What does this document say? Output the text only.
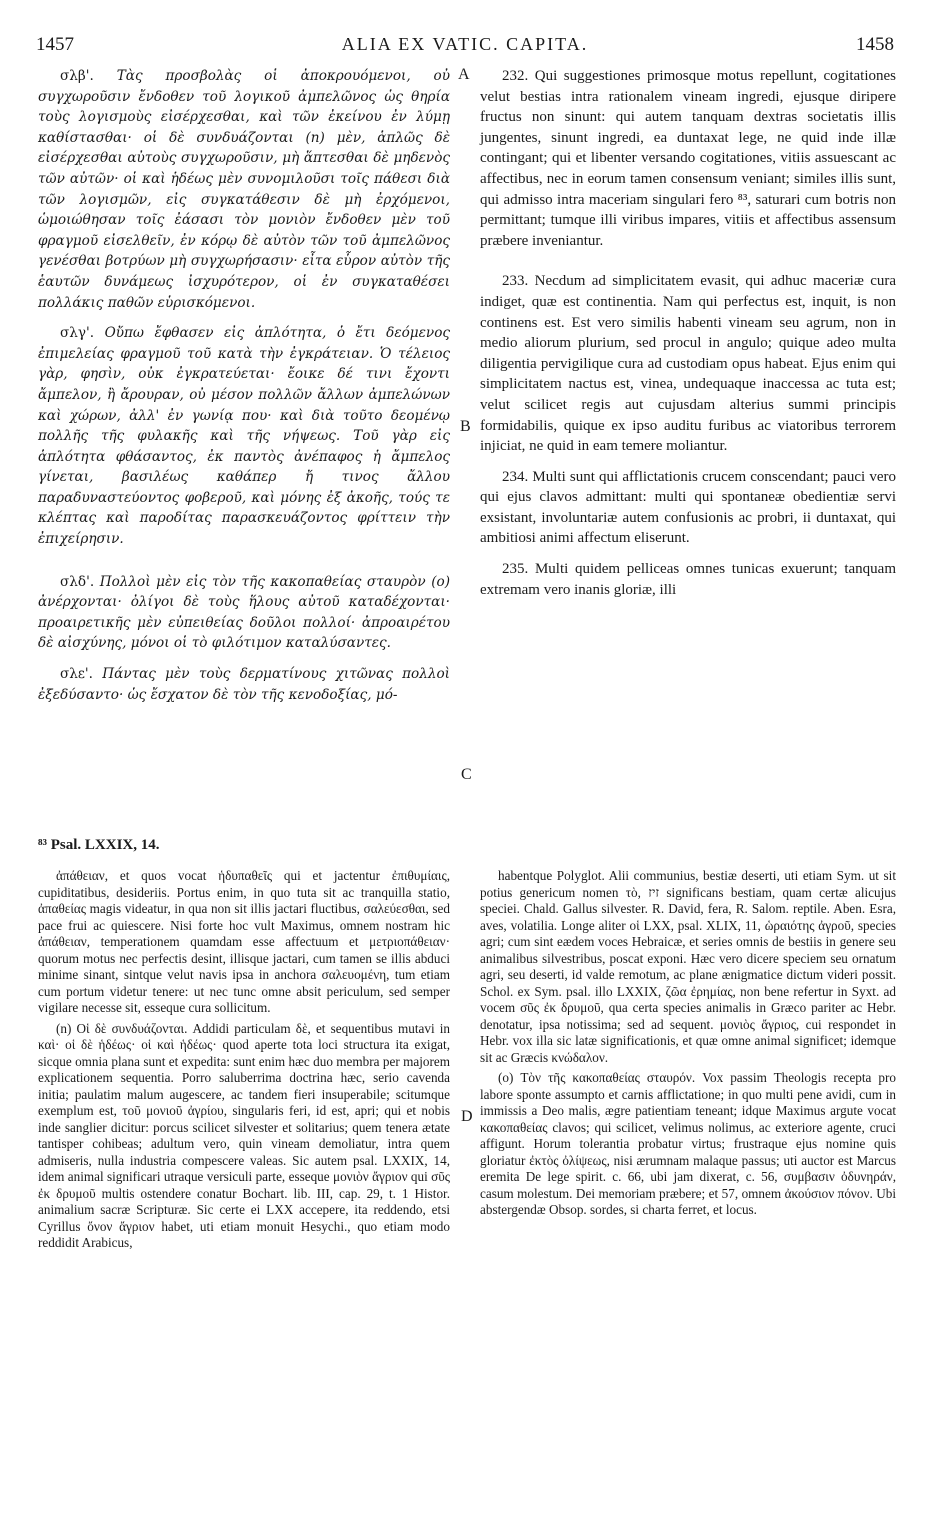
1457	ALIA EX VATIC. CAPITA.	1458

σλβ'. Τὰς προσβολὰς οἱ ἀποκρουόμενοι, οὐ συγχωροῦσιν ἔνδοθεν τοῦ λογικοῦ ἀμπελῶνος ὡς θηρία τοὺς λογισμοὺς εἰσέρχεσθαι, καὶ τῶν ἐκείνου ἐν λύμῃ καθίστασθαι· οἱ δὲ συνδυάζονται (n) μὲν, ἁπλῶς δὲ εἰσέρχεσθαι αὐτοὺς συγχωροῦσιν, μὴ ἅπτεσθαι δὲ μηδενὸς τῶν αὐτῶν· οἱ καὶ ἡδέως μὲν συνομιλοῦσι τοῖς πάθεσι διὰ τῶν λογισμῶν, εἰς συγκατάθεσιν δὲ μὴ ἐρχόμενοι, ὡμοιώθησαν τοῖς ἐάσασι τὸν μονιὸν ἔνδοθεν μὲν τοῦ φραγμοῦ εἰσελθεῖν, ἐν κόρῳ δὲ αὐτὸν τῶν τοῦ ἀμπελῶνος γενέσθαι βοτρύων μὴ συγχωρήσασιν· εἶτα εὗρον αὐτὸν τῆς ἑαυτῶν δυνάμεως ἰσχυρότερον, οἱ ἐν συγκαταθέσει πολλάκις παθῶν εὑρισκόμενοι.

σλγ'. Οὔπω ἔφθασεν εἰς ἁπλότητα, ὁ ἔτι δεόμενος ἐπιμελείας φραγμοῦ τοῦ κατὰ τὴν ἐγκράτειαν. Ὁ τέλειος γὰρ, φησὶν, οὐκ ἐγκρατεύεται· ἔοικε δέ τινι ἔχοντι ἄμπελον, ἢ ἄρουραν, οὐ μέσον πολλῶν ἄλλων ἀμπελώνων καὶ χώρων, ἀλλ' ἐν γωνίᾳ που· καὶ διὰ τοῦτο δεομένῳ πολλῆς τῆς φυλακῆς καὶ τῆς νήψεως. Τοῦ γὰρ εἰς ἁπλότητα φθάσαντος, ἐκ παντὸς ἀνέπαφος ἡ ἄμπελος γίνεται, βασιλέως καθάπερ ἤ τινος ἄλλου παραδυναστεύοντος φοβεροῦ, καὶ μόνης ἐξ ἀκοῆς, τούς τε κλέπτας καὶ παροδίτας παρασκευάζοντος φρίττειν τὴν ἐπιχείρησιν.

σλδ'. Πολλοὶ μὲν εἰς τὸν τῆς κακοπαθείας σταυρὸν (o) ἀνέρχονται· ὀλίγοι δὲ τοὺς ἥλους αὐτοῦ καταδέχονται· προαιρετικῆς μὲν εὐπειθείας δοῦλοι πολλοί· ἀπροαιρέτου δὲ αἰσχύνης, μόνοι οἱ τὸ φιλότιμον καταλύσαντες.

σλε'. Πάντας μὲν τοὺς δερματίνους χιτῶνας πολλοὶ ἐξεδύσαντο· ὡς ἔσχατον δὲ τὸν τῆς κενοδοξίας, μό-

A
B
C
D

232. Qui suggestiones primosque motus repellunt, cogitationes velut bestias intra rationalem vineam ingredi, ejusque diripere fructus non sinunt: qui autem tanquam dextras societatis illis jungentes, sinunt ingredi, ea duntaxat lege, ne quid inde illæ contingant; qui et libenter versando cogitationes, vitiis assuescant ac affectibus, nec in eorum tamen consensum veniant; similes illis sunt, qui admisso intra maceriam singulari fero ⁸³, saturari cum botris non permittant; tumque illi viribus impares, vitiis et affectibus assensum præbere inveniantur.

233. Necdum ad simplicitatem evasit, qui adhuc maceriæ cura indiget, quæ est continentia. Nam qui perfectus est, inquit, is non continens est. Est vero similis habenti vineam seu agrum, non in medio aliorum plurium, sed procul in angulo; quique adeo multa diligentia pervigilique cura ad custodiam opus habeat. Ejus enim qui simplicitatem nactus est, vinea, undequaque inaccessa ac tuta est; velut scilicet regis aut cujusdam alterius summi principis formidabilis, quique ex ipso auditu furibus ac viatoribus terrorem injiciat, ne quid in eam temere moliantur.

234. Multi sunt qui afflictationis crucem conscendant; pauci vero qui ejus clavos admittant: multi qui spontaneæ obedientiæ servi exsistant, involuntariæ autem confusionis ac probri, ii duntaxat, qui ambitiosi animi affectum eliserunt.

235. Multi quidem pelliceas omnes tunicas exuerunt; tanquam extremam vero inanis gloriæ, illi

⁸³ Psal. LXXIX, 14.

ἀπάθειαν, et quos vocat ἡδυπαθεῖς qui et jactentur ἐπιθυμίαις, cupiditatibus, desideriis. Portus enim, in quo tuta sit ac tranquilla statio, ἀπαθείας magis videatur, in qua non sit illis jactari fluctibus, σαλεύεσθαι, sed pace frui ac quiescere. Nisi forte hoc vult Maximus, omnem nostram hic ἀπάθειαν, temperationem quamdam esse affectuum et μετριοπάθειαν· quorum motus nec perfectis desint, illisque jactari, cum tamen se illis abduci minime sinant, sintque velut navis ipsa in anchora σαλευομένη, tum etiam cum portum videtur tenere: ut nec tunc omne absit periculum, sed semper vigilare necesse sit, esseque cura sollicitum.

(n) Οἱ δὲ συνδυάζονται. Addidi particulam δὲ, et sequentibus mutavi in καὶ· οἱ δὲ ἡδέως· οἱ καὶ ἡδέως· quod aperte tota loci structura ita exigat, sicque omnia plana sunt et expedita: sunt enim hæc duo membra per majorem explicationem sequentia. Porro saluberrima doctrina hæc, serio cavenda initia; paulatim malum augescere, ac tandem fieri insuperabile; scitumque exemplum est, τοῦ μονιοῦ ἀγρίου, singularis feri, id est, apri; qui et nobis inde sanglier dicitur: porcus scilicet silvester et solitarius; quem tenera ætate tantisper cohibeas; adultum vero, quin vineam demoliatur, intra quem admiseris, nulla industria compescere valeas. Sic autem psal. LXXIX, 14, idem animal significari utraque versiculi parte, esseque μονιὸν ἄγριον qui σῦς ἐκ δρυμοῦ multis ostendere conatur Bochart. lib. III, cap. 29, t. 1 Histor. animalium sacræ Scripturæ. Sic certe ei LXX accepere, ita reddendo, etsi Cyrillus ὄνον ἄγριον habet, uti etiam monuit Hesychi., quo etiam modo reddidit Arabicus,

habentque Polyglot. Alii communius, bestiæ deserti, uti etiam Sym. ut sit potius genericum nomen τὸ, זיז significans bestiam, quam certæ alicujus speciei. Chald. Gallus silvester. R. David, fera, R. Salom. reptile. Aben. Esra, aves, volatilia. Longe aliter οἱ LXX, psal. XLIX, 11, ὡραιότης ἀγροῦ, species agri; cum sint eædem voces Hebraicæ, et series omnis de bestiis in genere seu animalibus silvestribus, poscat exponi. Hæc vero dicere speciem seu ornatum agri, seu deserti, id valde remotum, ac plane ænigmatice dictum videri possit. Schol. ex Sym. psal. illo LXXIX, ζῶα ἐρημίας, non bene refertur in Syxt. ad vocem σῦς ἐκ δρυμοῦ, qua certa species animalis in Græco pariter ac Hebr. denotatur, ipsa notissima; sed ad sequent. μονιὸς ἄγριος, cui respondet in Hebr. vox illa sic latæ significationis, et quæ omne animal significet; idemque sit ac Græcis κνώδαλον.

(o) Τὸν τῆς κακοπαθείας σταυρόν. Vox passim Theologis recepta pro labore sponte assumpto et carnis afflictatione; in quo multi pene avidi, cum in immissis a Deo malis, ægre patientiam teneant; idque Maximus argute vocat κακοπαθείας clavos; qui scilicet, velimus nolimus, ac exteriore agente, cruci affigunt. Horum tolerantia probatur virtus; frustraque ejus nomine quis gloriatur ἐκτὸς ὀλίψεως, nisi ærumnam malaque passus; uti auctor est Marcus eremita De lege spirit. c. 66, ubi jam dixerat, c. 56, συμβασιν ὀδυνηράν, casum molestum. Dei memoriam præbere; et 57, omnem ἀκούσιον πόνον. Ubi abstergendæ Obsop. sordes, si charta ferret, et locus.
